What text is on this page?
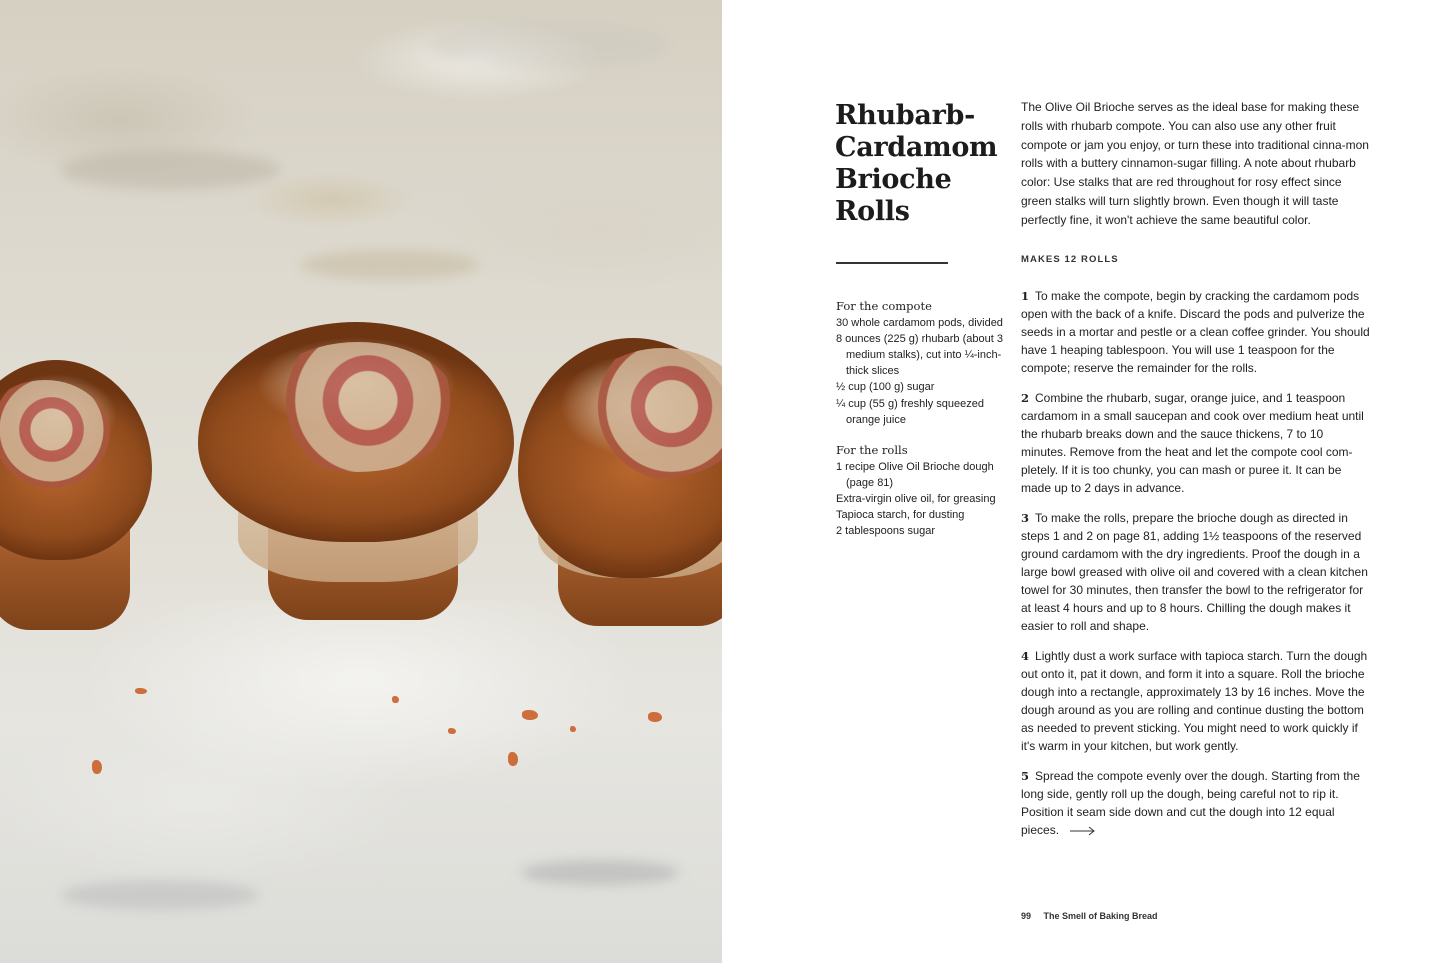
Rhubarb-
Cardamom
Brioche
Rolls
For the compote
30 whole cardamom pods, divided
8 ounces (225 g) rhubarb (about 3 medium stalks), cut into ¼-inch-thick slices
½ cup (100 g) sugar
¼ cup (55 g) freshly squeezed orange juice
For the rolls
1 recipe Olive Oil Brioche dough (page 81)
Extra-virgin olive oil, for greasing
Tapioca starch, for dusting
2 tablespoons sugar

The Olive Oil Brioche serves as the ideal base for making these rolls with rhubarb compote. You can also use any other fruit compote or jam you enjoy, or turn these into traditional cinna-mon rolls with a buttery cinnamon-sugar filling. A note about rhubarb color: Use stalks that are red throughout for rosy effect since green stalks will turn slightly brown. Even though it will taste perfectly fine, it won't achieve the same beautiful color.

MAKES 12 ROLLS

1 To make the compote, begin by cracking the cardamom pods open with the back of a knife. Discard the pods and pulverize the seeds in a mortar and pestle or a clean coffee grinder. You should have 1 heaping tablespoon. You will use 1 teaspoon for the compote; reserve the remainder for the rolls.

2 Combine the rhubarb, sugar, orange juice, and 1 teaspoon cardamom in a small saucepan and cook over medium heat until the rhubarb breaks down and the sauce thickens, 7 to 10 minutes. Remove from the heat and let the compote cool com-pletely. If it is too chunky, you can mash or puree it. It can be made up to 2 days in advance.

3 To make the rolls, prepare the brioche dough as directed in steps 1 and 2 on page 81, adding 1½ teaspoons of the reserved ground cardamom with the dry ingredients. Proof the dough in a large bowl greased with olive oil and covered with a clean kitchen towel for 30 minutes, then transfer the bowl to the refrigerator for at least 4 hours and up to 8 hours. Chilling the dough makes it easier to roll and shape.

4 Lightly dust a work surface with tapioca starch. Turn the dough out onto it, pat it down, and form it into a square. Roll the brioche dough into a rectangle, approximately 13 by 16 inches. Move the dough around as you are rolling and continue dusting the bottom as needed to prevent sticking. You might need to work quickly if it's warm in your kitchen, but work gently.

5 Spread the compote evenly over the dough. Starting from the long side, gently roll up the dough, being careful not to rip it. Position it seam side down and cut the dough into 12 equal pieces.

99 The Smell of Baking Bread
